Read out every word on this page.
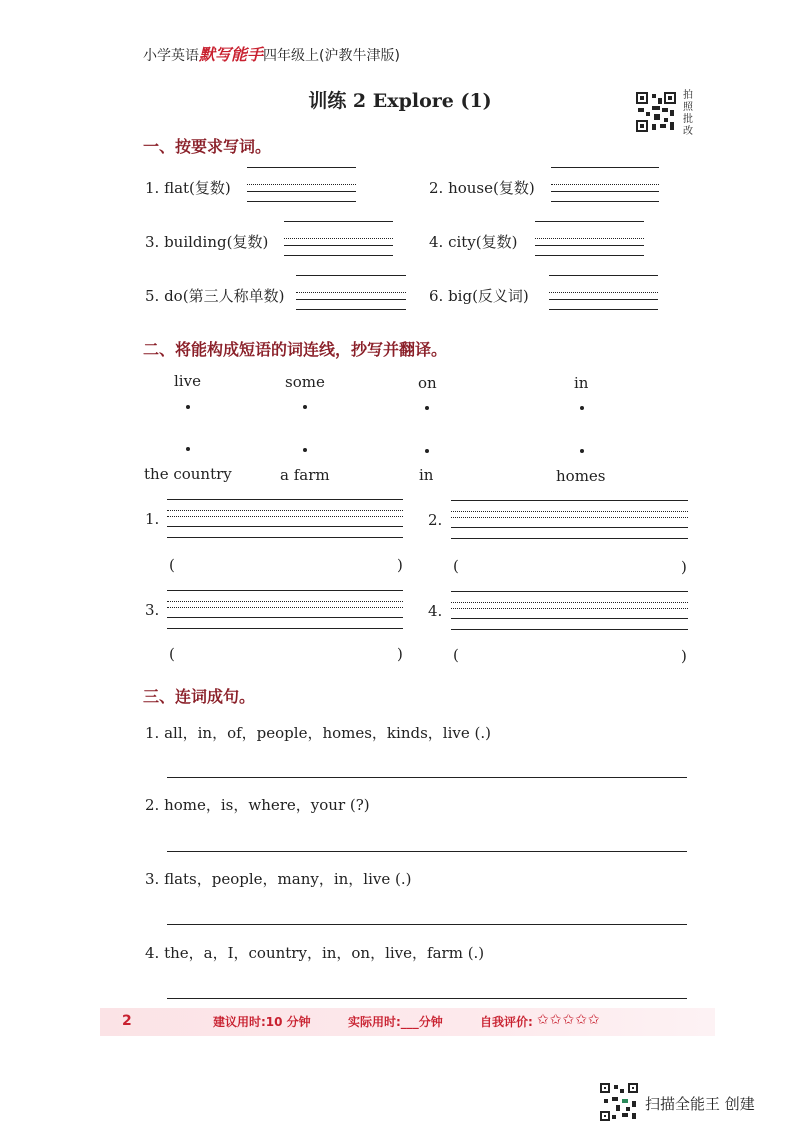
小学英语默写能手四年级上(沪教牛津版)
训练 2 Explore (1)	拍照批改
一、按要求写词。
1. flat(复数)	2. house(复数)
3. building(复数)	4. city(复数)
5. do(第三人称单数)	6. big(反义词)
二、将能构成短语的词连线，抄写并翻译。
live	some	on	in
the country	a farm	in	homes
1.	2.
(	)	(	)
3.	4.
(	)	(	)
三、连词成句。
1. all，in，of，people，homes，kinds，live (.)
2. home，is，where，your (?)
3. flats，people，many，in，live (.)
4. the，a，I，country，in，on，live，farm (.)
2	建议用时:10 分钟	实际用时:___分钟	自我评价: ✩✩✩✩✩
扫描全能王 创建
